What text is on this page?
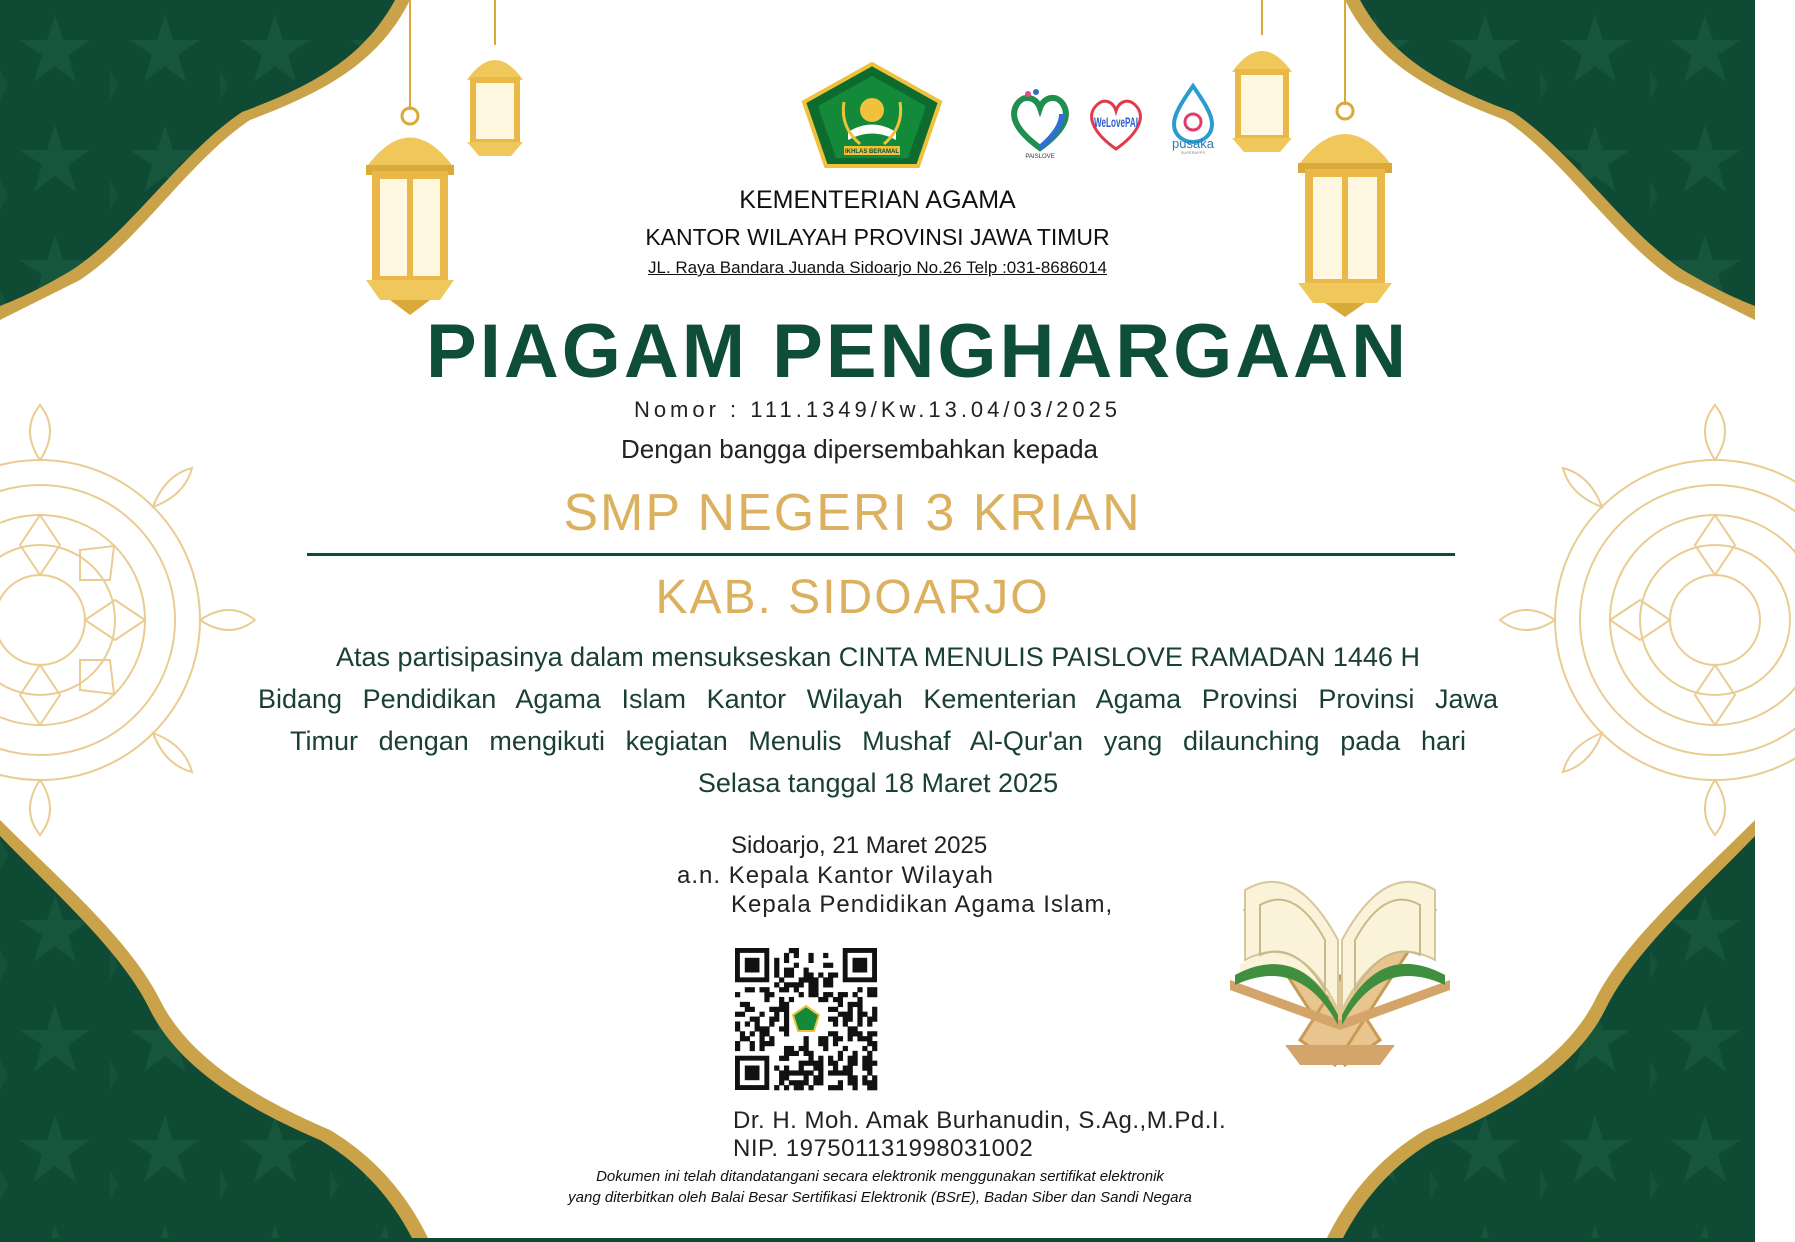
IKHLAS BERAMAL
PAISLOVE
WeLovePAI
pusaka
SUPERAPPS
KEMENTERIAN AGAMA
KANTOR WILAYAH PROVINSI JAWA TIMUR
JL. Raya Bandara Juanda Sidoarjo No.26 Telp :031-8686014
PIAGAM PENGHARGAAN
Nomor : 111.1349/Kw.13.04/03/2025
Dengan bangga dipersembahkan kepada
SMP NEGERI 3 KRIAN
KAB. SIDOARJO

Atas partisipasinya dalam mensukseskan CINTA MENULIS PAISLOVE RAMADAN 1446 H

Bidang Pendidikan Agama Islam Kantor Wilayah Kementerian Agama Provinsi Provinsi Jawa

Timur dengan mengikuti kegiatan Menulis Mushaf Al-Qur'an yang dilaunching pada hari

Selasa tanggal 18 Maret 2025

Sidoarjo, 21 Maret 2025
a.n. Kepala Kantor Wilayah
Kepala Pendidikan Agama Islam,
Dr. H. Moh. Amak Burhanudin, S.Ag.,M.Pd.I.
NIP. 197501131998031002
Dokumen ini telah ditandatangani secara elektronik menggunakan sertifikat elektronik
yang diterbitkan oleh Balai Besar Sertifikasi Elektronik (BSrE), Badan Siber dan Sandi Negara
